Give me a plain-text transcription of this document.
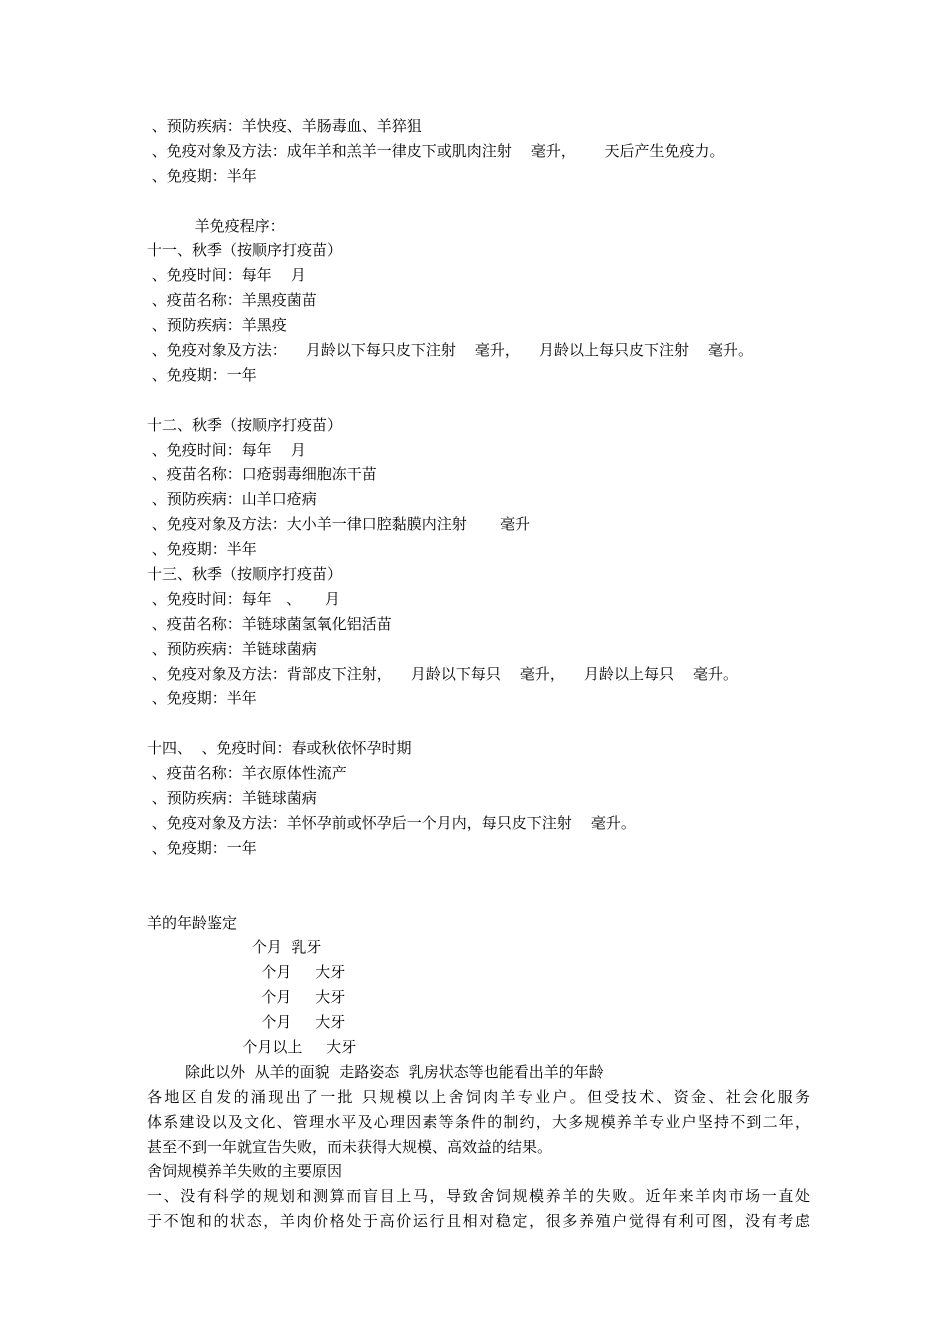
、预防疾病：羊快疫、羊肠毒血、羊猝狙
、免疫对象及方法：成年羊和羔羊一律皮下或肌肉注射    毫升，      天后产生免疫力。
、免疫期：半年
羊免疫程序：
十一、秋季（按顺序打疫苗）
、免疫时间：每年    月
、疫苗名称：羊黑疫菌苗
、预防疾病：羊黑疫
、免疫对象及方法：    月龄以下每只皮下注射    毫升，    月龄以上每只皮下注射    毫升。
、免疫期：一年
十二、秋季（按顺序打疫苗）
、免疫时间：每年    月
、疫苗名称：口疮弱毒细胞冻干苗
、预防疾病：山羊口疮病
、免疫对象及方法：大小羊一律口腔黏膜内注射       毫升
、免疫期：半年
十三、秋季（按顺序打疫苗）
、免疫时间：每年   、     月
、疫苗名称：羊链球菌氢氧化铝活苗
、预防疾病：羊链球菌病
、免疫对象及方法：背部皮下注射，    月龄以下每只    毫升，    月龄以上每只    毫升。
、免疫期：半年
十四、  、免疫时间：春或秋依怀孕时期
、疫苗名称：羊衣原体性流产
、预防疾病：羊链球菌病
、免疫对象及方法：羊怀孕前或怀孕后一个月内，每只皮下注射    毫升。
、免疫期：一年
羊的年龄鉴定
个月  乳牙
个月     大牙
个月     大牙
个月     大牙
个月以上     大牙
除此以外  从羊的面貌  走路姿态  乳房状态等也能看出羊的年龄
各地区自发的涌现出了一批 只规模以上舍饲肉羊专业户。但受技术、资金、社会化服务
体系建设以及文化、管理水平及心理因素等条件的制约，大多规模养羊专业户坚持不到二年，
甚至不到一年就宣告失败，而未获得大规模、高效益的结果。
舍饲规模养羊失败的主要原因
一、没有科学的规划和测算而盲目上马，导致舍饲规模养羊的失败。近年来羊肉市场一直处
于不饱和的状态，羊肉价格处于高价运行且相对稳定，很多养殖户觉得有利可图，没有考虑
